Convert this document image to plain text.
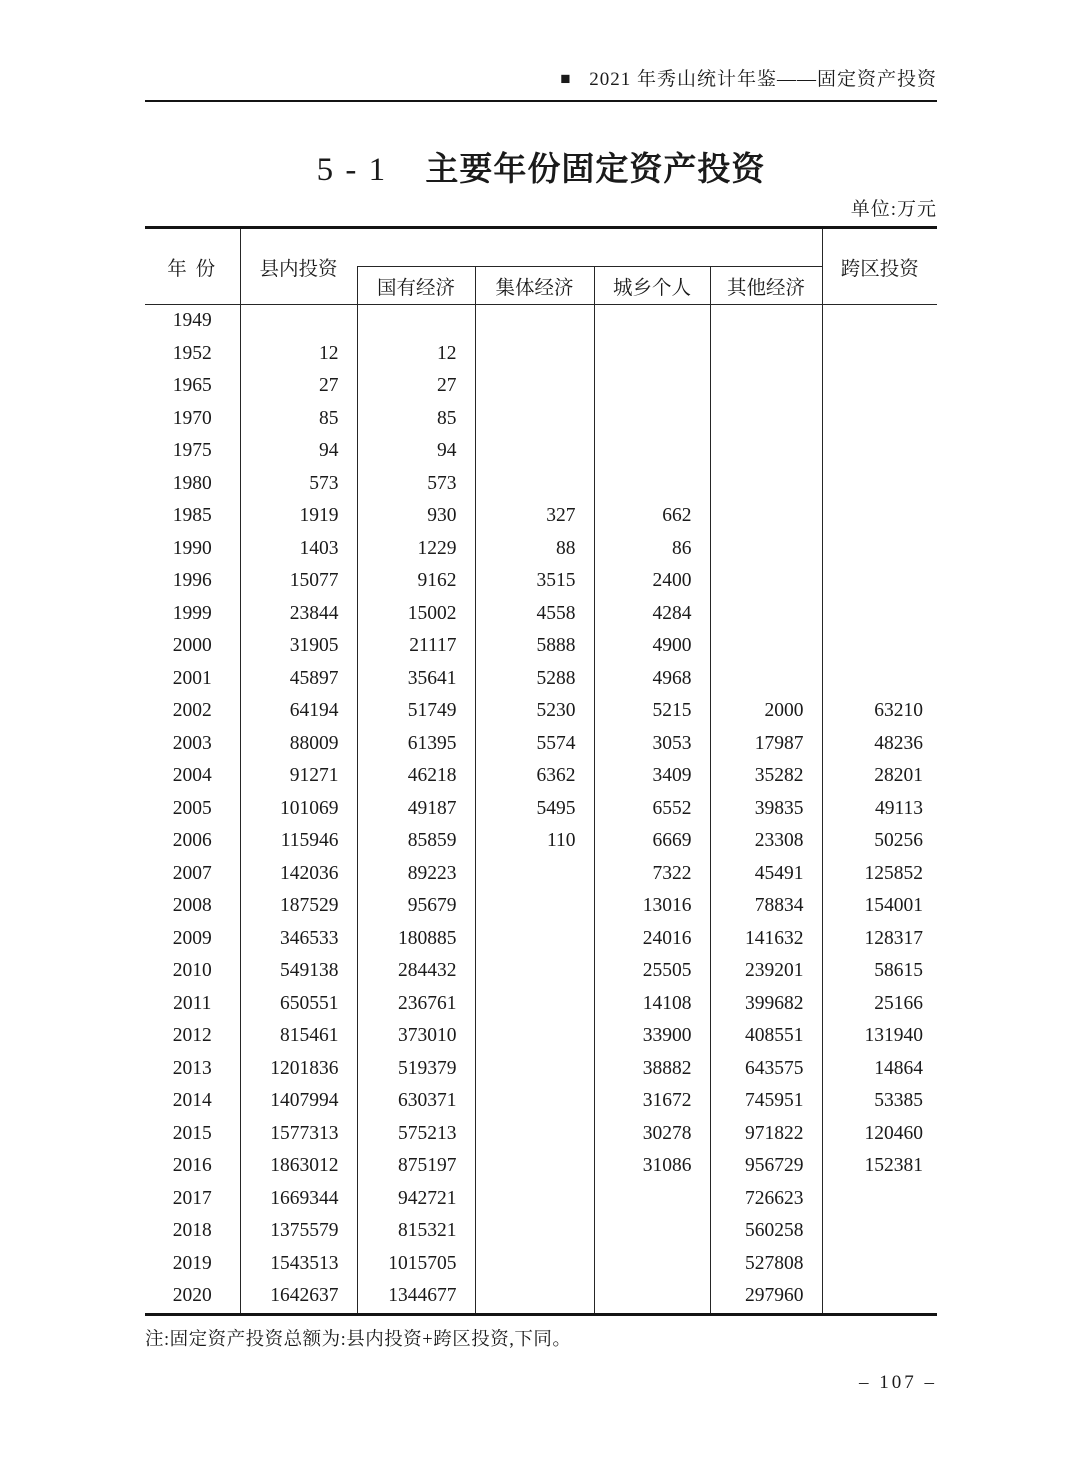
■ 2021 年秀山统计年鉴——固定资产投资
5 - 1 主要年份固定资产投资
单位:万元
年 份	县内投资					跨区投资
		国有经济	集体经济	城乡个人	其他经济	
1949						
1952	12	12				
1965	27	27				
1970	85	85				
1975	94	94				
1980	573	573				
1985	1919	930	327	662		
1990	1403	1229	88	86		
1996	15077	9162	3515	2400		
1999	23844	15002	4558	4284		
2000	31905	21117	5888	4900		
2001	45897	35641	5288	4968		
2002	64194	51749	5230	5215	2000	63210
2003	88009	61395	5574	3053	17987	48236
2004	91271	46218	6362	3409	35282	28201
2005	101069	49187	5495	6552	39835	49113
2006	115946	85859	110	6669	23308	50256
2007	142036	89223		7322	45491	125852
2008	187529	95679		13016	78834	154001
2009	346533	180885		24016	141632	128317
2010	549138	284432		25505	239201	58615
2011	650551	236761		14108	399682	25166
2012	815461	373010		33900	408551	131940
2013	1201836	519379		38882	643575	14864
2014	1407994	630371		31672	745951	53385
2015	1577313	575213		30278	971822	120460
2016	1863012	875197		31086	956729	152381
2017	1669344	942721			726623	
2018	1375579	815321			560258	
2019	1543513	1015705			527808	
2020	1642637	1344677			297960	
注:固定资产投资总额为:县内投资+跨区投资,下同。
– 107 –
